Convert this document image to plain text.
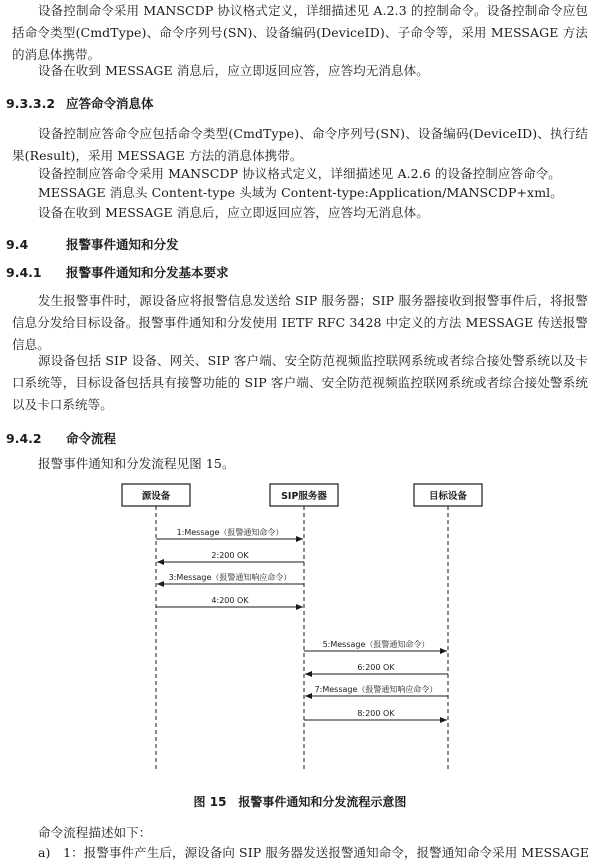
设备控制命令采用 MANSCDP 协议格式定义，详细描述见 A.2.3 的控制命令。设备控制命令应包括命令类型(CmdType)、命令序列号(SN)、设备编码(DeviceID)、子命令等，采用 MESSAGE 方法的消息体携带。

设备在收到 MESSAGE 消息后，应立即返回应答，应答均无消息体。

9.3.3.2 应答命令消息体

设备控制应答命令应包括命令类型(CmdType)、命令序列号(SN)、设备编码(DeviceID)、执行结果(Result)，采用 MESSAGE 方法的消息体携带。

设备控制应答命令采用 MANSCDP 协议格式定义，详细描述见 A.2.6 的设备控制应答命令。

MESSAGE 消息头 Content-type 头域为 Content-type:Application/MANSCDP+xml。

设备在收到 MESSAGE 消息后，应立即返回应答，应答均无消息体。

9.4	报警事件通知和分发
9.4.1 报警事件通知和分发基本要求

发生报警事件时，源设备应将报警信息发送给 SIP 服务器；SIP 服务器接收到报警事件后，将报警信息分发给目标设备。报警事件通知和分发使用 IETF RFC 3428 中定义的方法 MESSAGE 传送报警信息。

源设备包括 SIP 设备、网关、SIP 客户端、安全防范视频监控联网系统或者综合接处警系统以及卡口系统等，目标设备包括具有接警功能的 SIP 客户端、安全防范视频监控联网系统或者综合接处警系统以及卡口系统等。

9.4.2 命令流程

报警事件通知和分发流程见图 15。

源设备	SIP服务器	目标设备
1:Message（报警通知命令）
2:200 OK
3:Message（报警通知响应命令）
4:200 OK
5:Message（报警通知命令）
6:200 OK
7:Message（报警通知响应命令）
8:200 OK

图 15　报警事件通知和分发流程示意图

命令流程描述如下：

a)　1：报警事件产生后，源设备向 SIP 服务器发送报警通知命令，报警通知命令采用 MESSAGE
